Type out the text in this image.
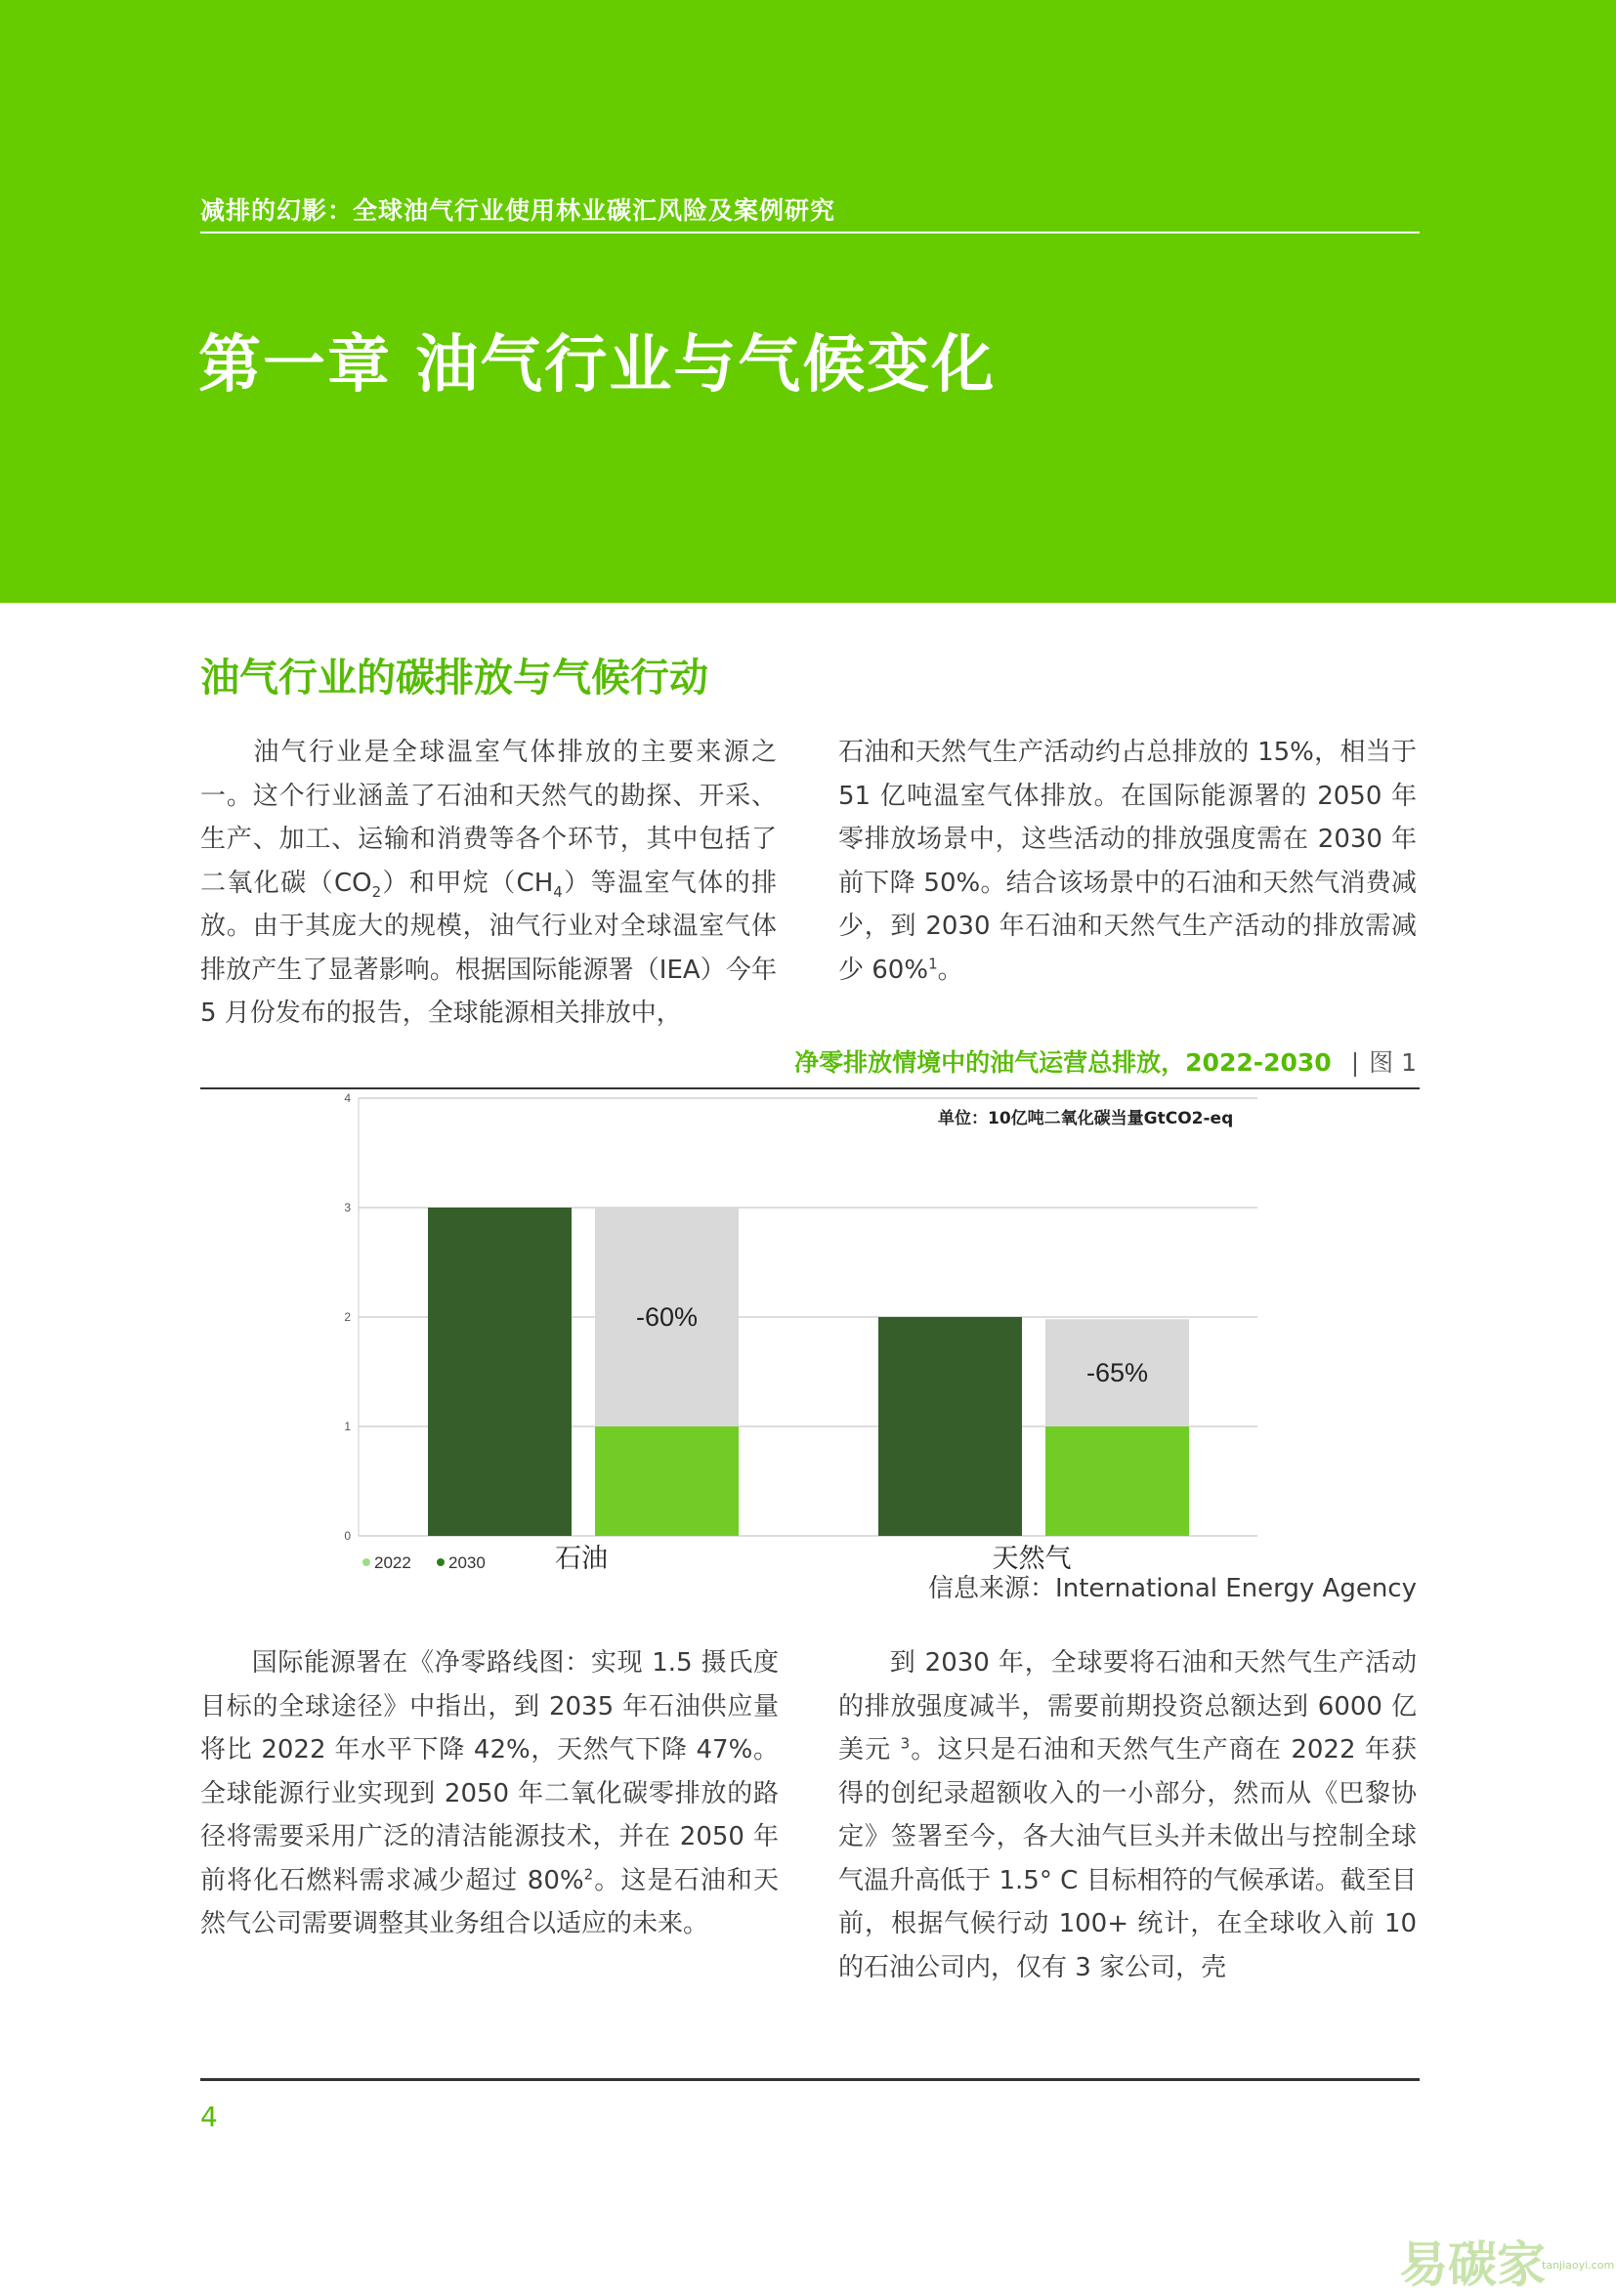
减排的幻影：全球油气行业使用林业碳汇风险及案例研究
第一章 油气行业与气候变化
油气行业的碳排放与气候行动

油气行业是全球温室气体排放的主要来源之一。这个行业涵盖了石油和天然气的勘探、开采、生产、加工、运输和消费等各个环节，其中包括了二氧化碳$(CO_2)$和甲烷$(CH_4)$等温室气体的排放。由于其庞大的规模，油气行业对全球温室气体排放产生了显著影响。根据国际能源署（IEA）今年 5 月份发布的报告，全球能源相关排放中，

石油和天然气生产活动约占总排放的 15%，相当于 51 亿吨温室气体排放。在国际能源署的 2050 年零排放场景中，这些活动的排放强度需在 2030 年前下降 50%。结合该场景中的石油和天然气消费减少，到 2030 年石油和天然气生产活动的排放需减少 60%$^1$。

净零排放情境中的油气运营总排放，2022-2030 | 图 1
0
1
2
3
4
单位：10亿吨二氧化碳当量GtCO2-eq
-60%
石油
-65%
天然气
2022 2030
信息来源：International Energy Agency

国际能源署在《净零路线图：实现 1.5 摄氏度目标的全球途径》中指出，到 2035 年石油供应量将比 2022 年水平下降 42%，天然气下降 47%。全球能源行业实现到 2050 年二氧化碳零排放的路径将需要采用广泛的清洁能源技术，并在 2050 年前将化石燃料需求减少超过 80%$^2$。这是石油和天然气公司需要调整其业务组合以适应的未来。

到 2030 年，全球要将石油和天然气生产活动的排放强度减半，需要前期投资总额达到 6000 亿美元 $^3$。这只是石油和天然气生产商在 2022 年获得的创纪录超额收入的一小部分，然而从《巴黎协定》签署至今，各大油气巨头并未做出与控制全球气温升高低于 1.5° C 目标相符的气候承诺。截至目前，根据气候行动 100+ 统计，在全球收入前 10 的石油公司内，仅有 3 家公司，壳

4
易碳家
tanjiaoyi.com
